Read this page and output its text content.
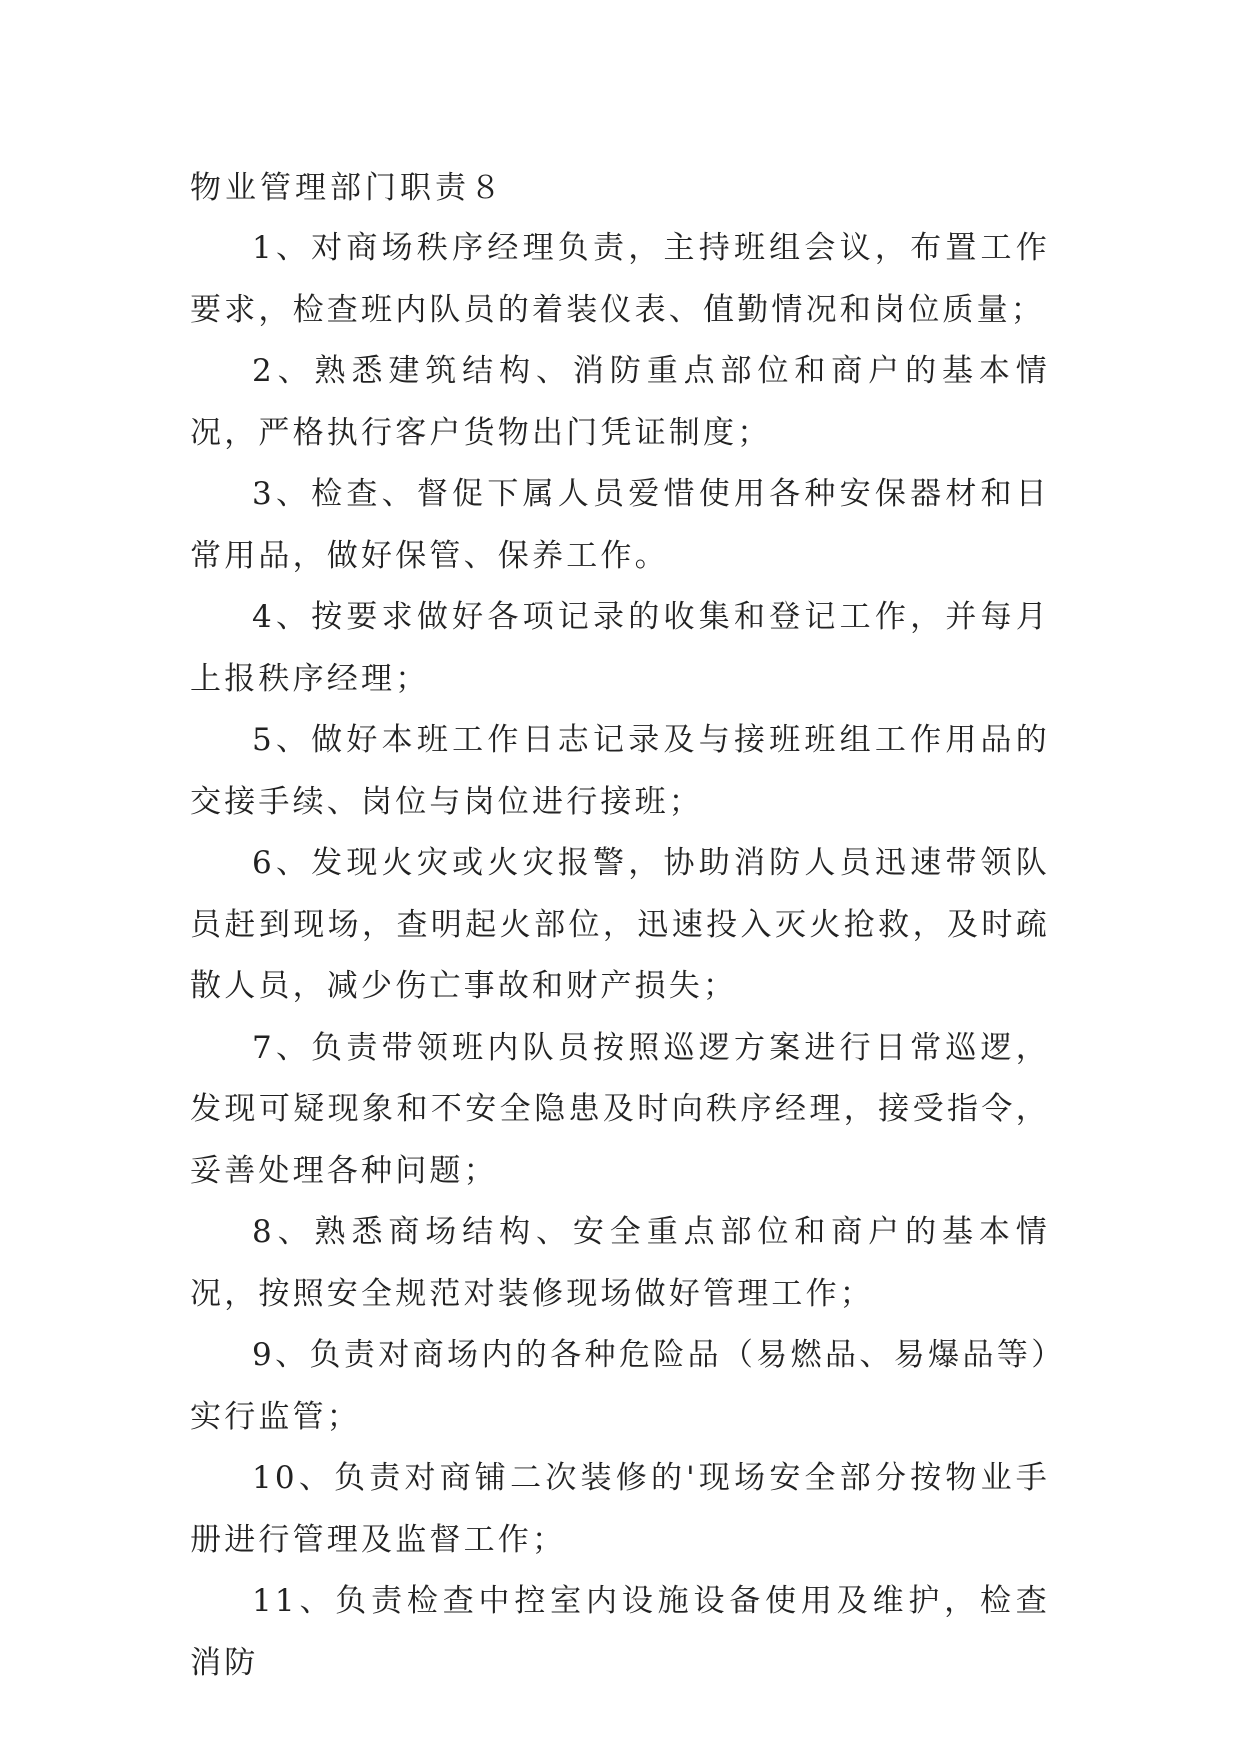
物业管理部门职责８

1、对商场秩序经理负责，主持班组会议，布置工作要求，检查班内队员的着装仪表、值勤情况和岗位质量；

2、熟悉建筑结构、消防重点部位和商户的基本情况，严格执行客户货物出门凭证制度；

3、检查、督促下属人员爱惜使用各种安保器材和日常用品，做好保管、保养工作。

4、按要求做好各项记录的收集和登记工作，并每月上报秩序经理；

5、做好本班工作日志记录及与接班班组工作用品的交接手续、岗位与岗位进行接班；

6、发现火灾或火灾报警，协助消防人员迅速带领队员赶到现场，查明起火部位，迅速投入灭火抢救，及时疏散人员，减少伤亡事故和财产损失；

7、负责带领班内队员按照巡逻方案进行日常巡逻，发现可疑现象和不安全隐患及时向秩序经理，接受指令，妥善处理各种问题；

8、熟悉商场结构、安全重点部位和商户的基本情况，按照安全规范对装修现场做好管理工作；

9、负责对商场内的各种危险品（易燃品、易爆品等）实行监管；

10、负责对商铺二次装修的'现场安全部分按物业手册进行管理及监督工作；

11、负责检查中控室内设施设备使用及维护，检查消防
